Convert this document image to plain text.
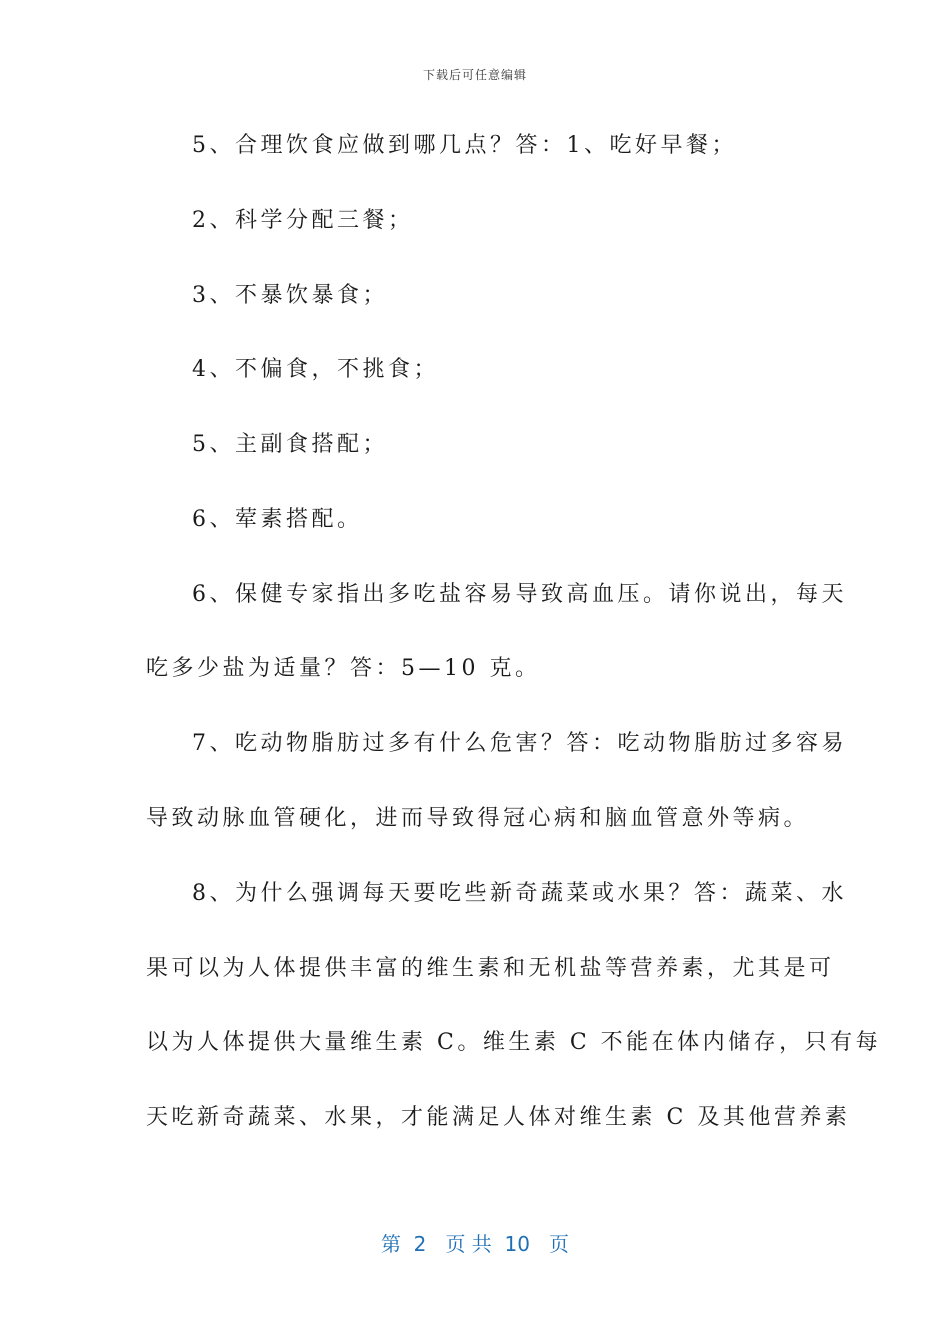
下载后可任意编辑
5、合理饮食应做到哪几点？答：1、吃好早餐；
2、科学分配三餐；
3、不暴饮暴食；
4、不偏食，不挑食；
5、主副食搭配；
6、荤素搭配。
6、保健专家指出多吃盐容易导致高血压。请你说出，每天
吃多少盐为适量？答：5—10 克。
7、吃动物脂肪过多有什么危害？答：吃动物脂肪过多容易
导致动脉血管硬化，进而导致得冠心病和脑血管意外等病。
8、为什么强调每天要吃些新奇蔬菜或水果？答：蔬菜、水
果可以为人体提供丰富的维生素和无机盐等营养素，尤其是可
以为人体提供大量维生素 C。维生素 C 不能在体内储存，只有每
天吃新奇蔬菜、水果，才能满足人体对维生素 C 及其他营养素
第  2   页 共  10   页
